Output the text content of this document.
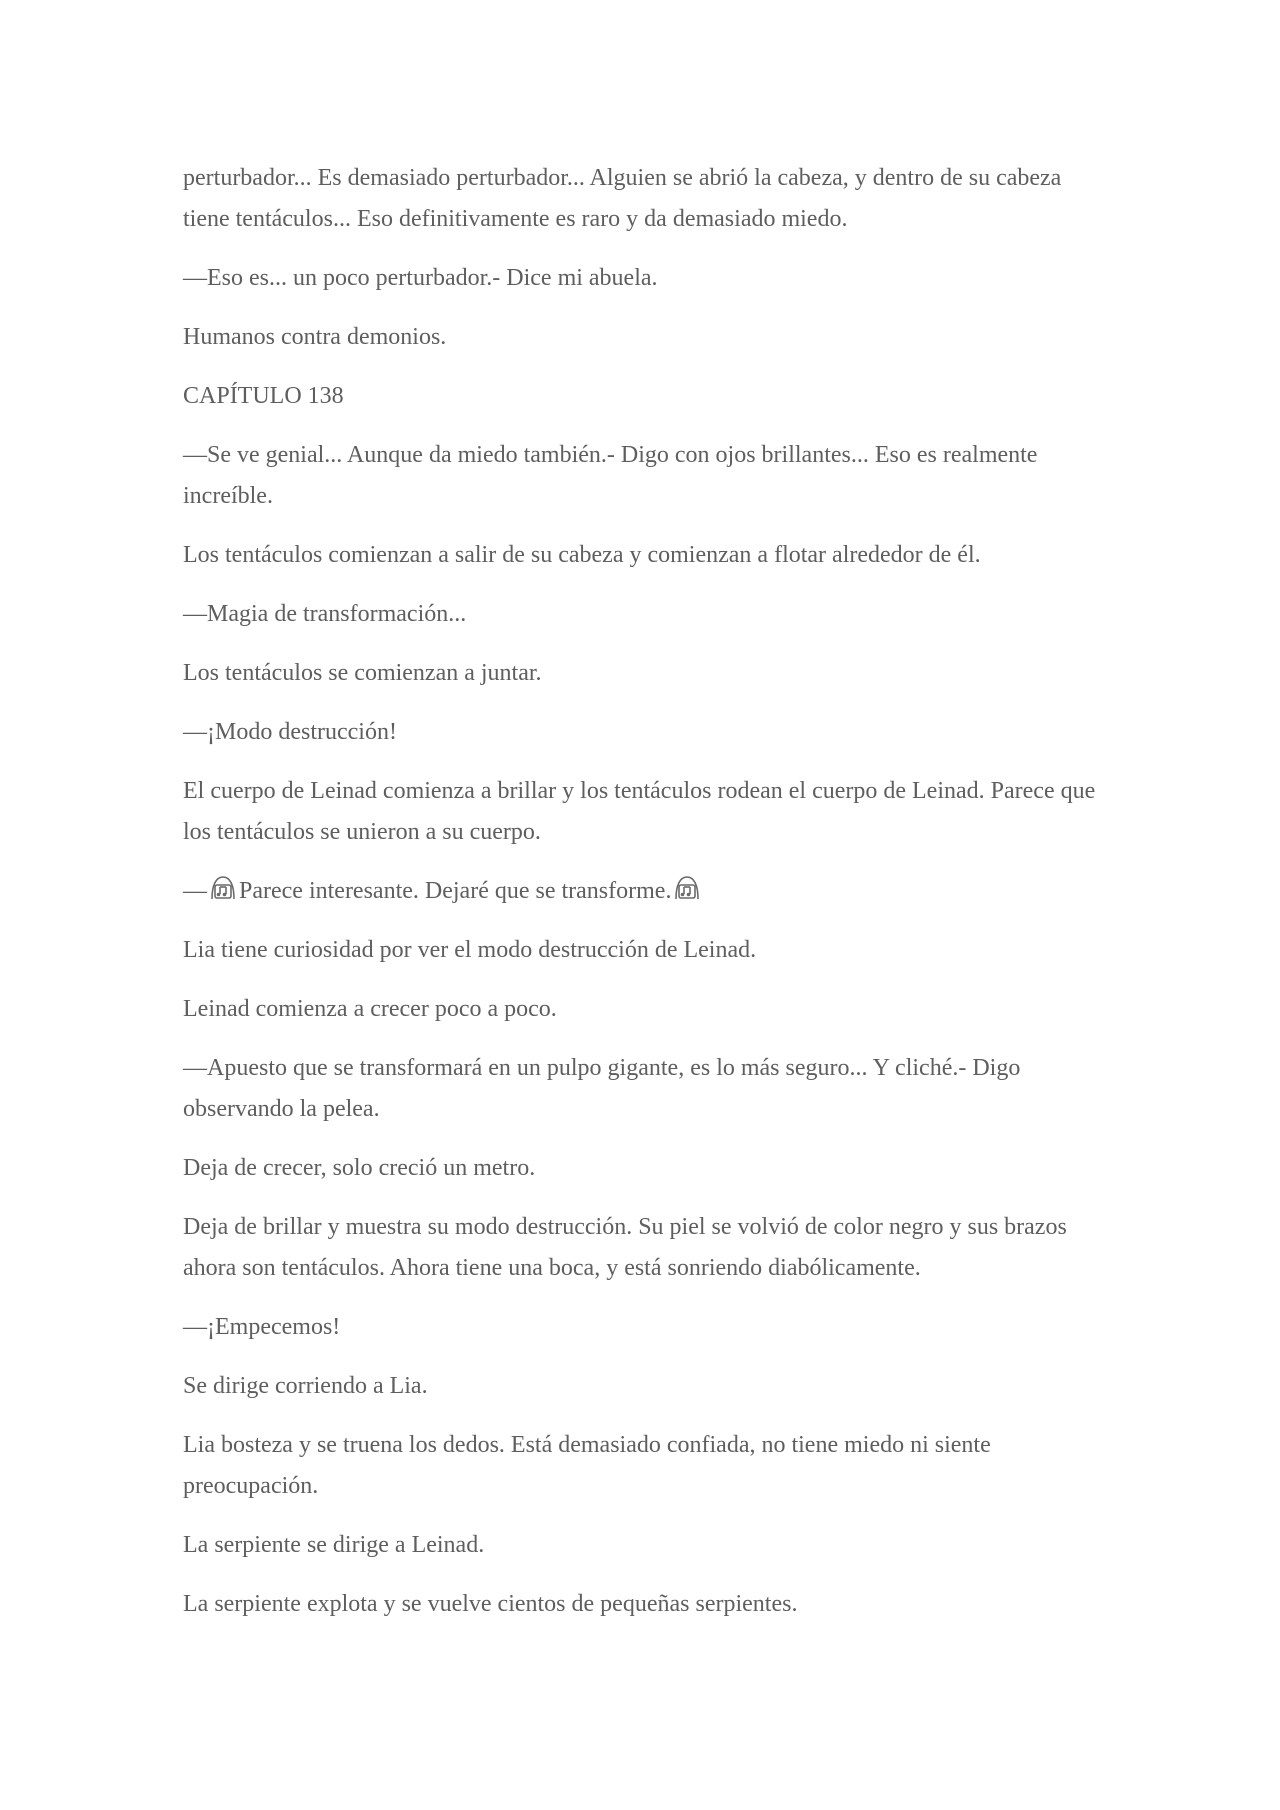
perturbador... Es demasiado perturbador... Alguien se abrió la cabeza, y dentro de su cabeza tiene tentáculos... Eso definitivamente es raro y da demasiado miedo.

—Eso es... un poco perturbador.- Dice mi abuela.

Humanos contra demonios.

CAPÍTULO 138

—Se ve genial... Aunque da miedo también.- Digo con ojos brillantes... Eso es realmente increíble.

Los tentáculos comienzan a salir de su cabeza y comienzan a flotar alrededor de él.

—Magia de transformación...

Los tentáculos se comienzan a juntar.

—¡Modo destrucción!

El cuerpo de Leinad comienza a brillar y los tentáculos rodean el cuerpo de Leinad. Parece que los tentáculos se unieron a su cuerpo.

— Parece interesante. Dejaré que se transforme.

Lia tiene curiosidad por ver el modo destrucción de Leinad.

Leinad comienza a crecer poco a poco.

—Apuesto que se transformará en un pulpo gigante, es lo más seguro... Y cliché.- Digo observando la pelea.

Deja de crecer, solo creció un metro.

Deja de brillar y muestra su modo destrucción. Su piel se volvió de color negro y sus brazos ahora son tentáculos. Ahora tiene una boca, y está sonriendo diabólicamente.

—¡Empecemos!

Se dirige corriendo a Lia.

Lia bosteza y se truena los dedos. Está demasiado confiada, no tiene miedo ni siente preocupación.

La serpiente se dirige a Leinad.

La serpiente explota y se vuelve cientos de pequeñas serpientes.
